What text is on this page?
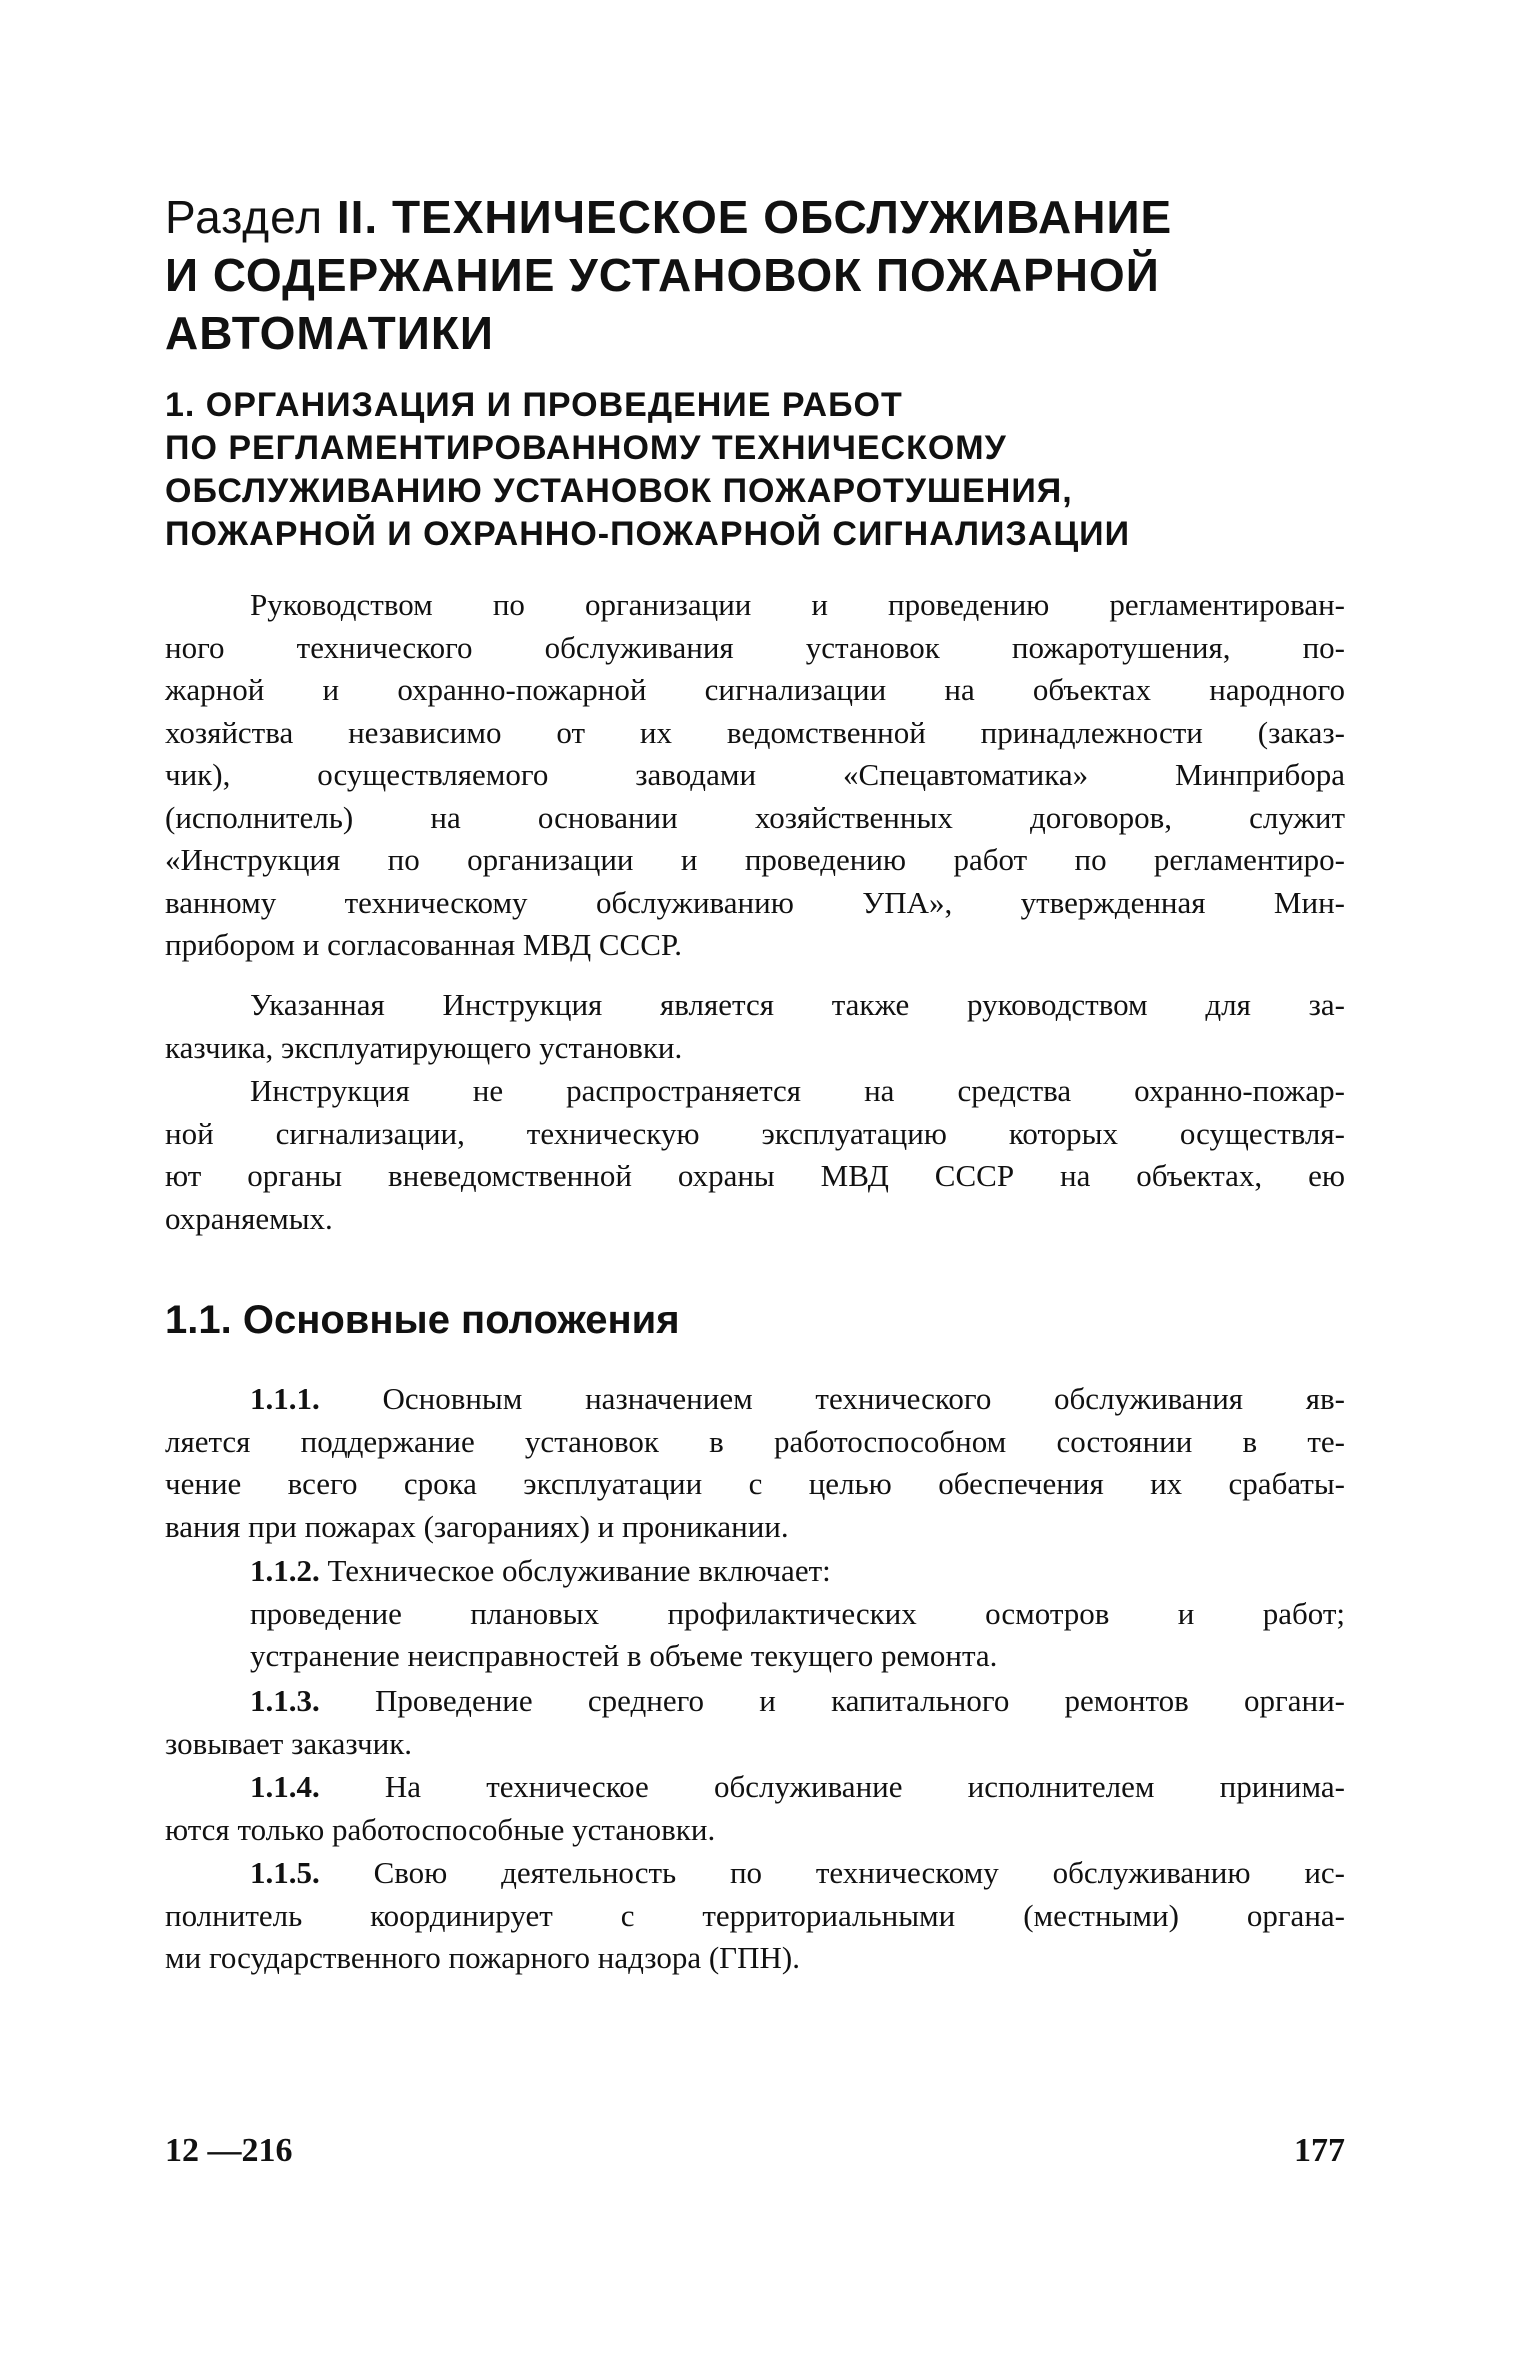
Раздел II. ТЕХНИЧЕСКОЕ ОБСЛУЖИВАНИЕ
И СОДЕРЖАНИЕ УСТАНОВОК ПОЖАРНОЙ
АВТОМАТИКИ
1. ОРГАНИЗАЦИЯ И ПРОВЕДЕНИЕ РАБОТ
ПО РЕГЛАМЕНТИРОВАННОМУ ТЕХНИЧЕСКОМУ
ОБСЛУЖИВАНИЮ УСТАНОВОК ПОЖАРОТУШЕНИЯ,
ПОЖАРНОЙ И ОХРАННО-ПОЖАРНОЙ СИГНАЛИЗАЦИИ
Руководством по организации и проведению регламентирован-
ного технического обслуживания установок пожаротушения, по-
жарной и охранно-пожарной сигнализации на объектах народного
хозяйства независимо от их ведомственной принадлежности (заказ-
чик), осуществляемого заводами «Спецавтоматика» Минприбора
(исполнитель) на основании хозяйственных договоров, служит
«Инструкция по организации и проведению работ по регламентиро-
ванному техническому обслуживанию УПА», утвержденная Мин-
прибором и согласованная МВД СССР.
Указанная Инструкция является также руководством для за-
казчика, эксплуатирующего установки.
Инструкция не распространяется на средства охранно-пожар-
ной сигнализации, техническую эксплуатацию которых осуществля-
ют органы вневедомственной охраны МВД СССР на объектах, ею
охраняемых.
1.1. Основные положения
1.1.1. Основным назначением технического обслуживания яв-
ляется поддержание установок в работоспособном состоянии в те-
чение всего срока эксплуатации с целью обеспечения их срабаты-
вания при пожарах (загораниях) и проникании.
1.1.2. Техническое обслуживание включает:
проведение плановых профилактических осмотров и работ;
устранение неисправностей в объеме текущего ремонта.
1.1.3. Проведение среднего и капитального ремонтов органи-
зовывает заказчик.
1.1.4. На техническое обслуживание исполнителем принима-
ются только работоспособные установки.
1.1.5. Свою деятельность по техническому обслуживанию ис-
полнитель координирует с территориальными (местными) органа-
ми государственного пожарного надзора (ГПН).
12 —216	177
